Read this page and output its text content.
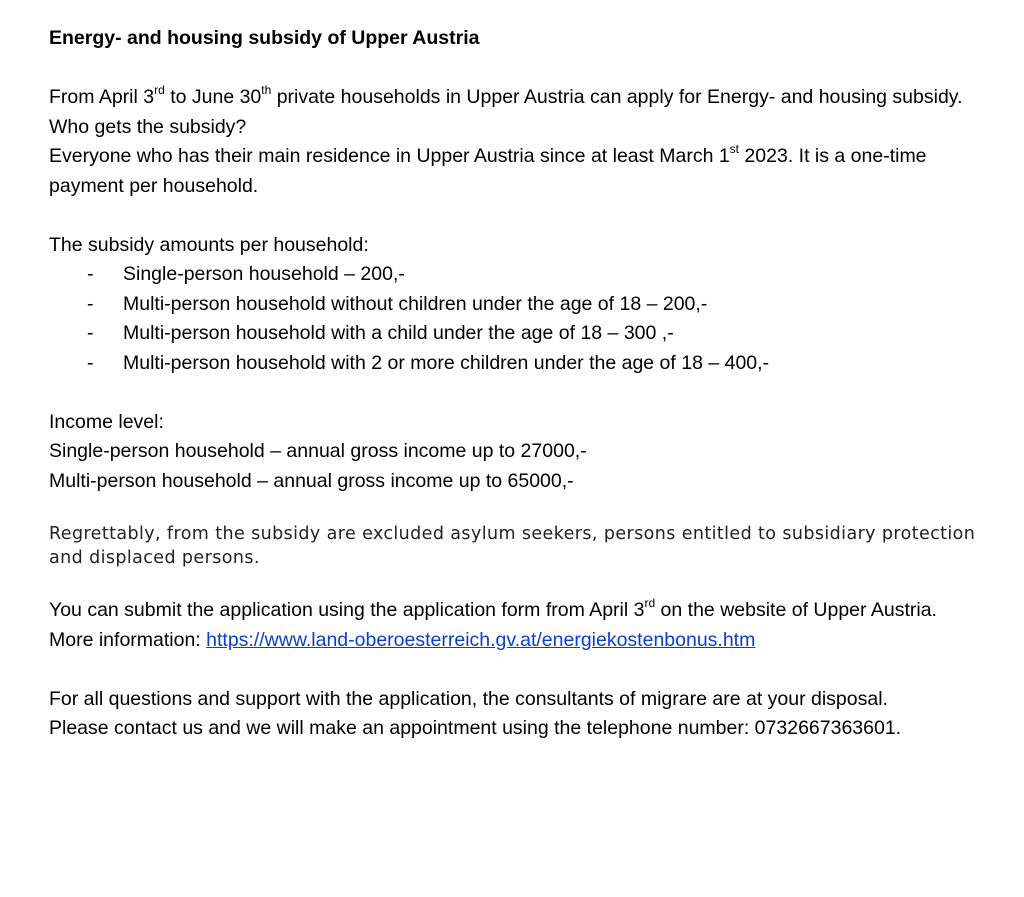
Energy- and housing subsidy of Upper Austria

From April 3rd to June 30th private households in Upper Austria can apply for Energy- and housing subsidy.

Who gets the subsidy?

Everyone who has their main residence in Upper Austria since at least March 1st 2023. It is a one-time payment per household.

The subsidy amounts per household:

- Single-person household – 200,-
- Multi-person household without children under the age of 18 – 200,-
- Multi-person household with a child under the age of 18 – 300 ,-
- Multi-person household with 2 or more children under the age of 18 – 400,-

Income level:

Single-person household – annual gross income up to 27000,-

Multi-person household – annual gross income up to 65000,-

Regrettably, from the subsidy are excluded asylum seekers, persons entitled to subsidiary protection and displaced persons.

You can submit the application using the application form from April 3rd on the website of Upper Austria.

More information: https://www.land-oberoesterreich.gv.at/energiekostenbonus.htm

For all questions and support with the application, the consultants of migrare are at your disposal.

Please contact us and we will make an appointment using the telephone number: 0732667363601.
